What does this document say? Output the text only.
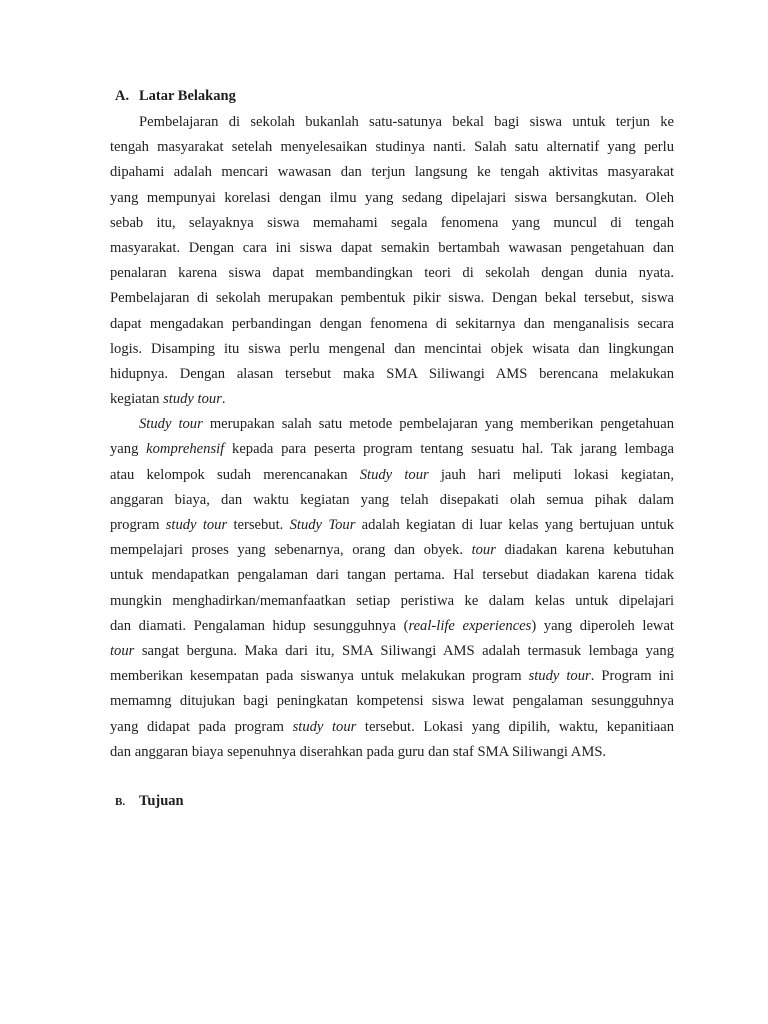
A. Latar Belakang
Pembelajaran di sekolah bukanlah satu-satunya bekal bagi siswa untuk terjun ke
tengah masyarakat setelah menyelesaikan studinya nanti. Salah satu alternatif yang perlu
dipahami adalah mencari wawasan dan terjun langsung ke tengah aktivitas masyarakat
yang mempunyai korelasi dengan ilmu yang sedang dipelajari siswa bersangkutan. Oleh
sebab itu, selayaknya siswa memahami segala fenomena yang muncul di tengah
masyarakat. Dengan cara ini siswa dapat semakin bertambah wawasan pengetahuan dan
penalaran karena siswa dapat membandingkan teori di sekolah dengan dunia nyata.
Pembelajaran di sekolah merupakan pembentuk pikir siswa. Dengan bekal tersebut, siswa
dapat mengadakan perbandingan dengan fenomena di sekitarnya dan menganalisis secara
logis. Disamping itu siswa perlu mengenal dan mencintai objek wisata dan lingkungan
hidupnya. Dengan alasan tersebut maka SMA Siliwangi AMS berencana melakukan
kegiatan study tour.
Study tour merupakan salah satu metode pembelajaran yang memberikan pengetahuan
yang komprehensif kepada para peserta program tentang sesuatu hal. Tak jarang lembaga
atau kelompok sudah merencanakan Study tour jauh hari meliputi lokasi kegiatan,
anggaran biaya, dan waktu kegiatan yang telah disepakati olah semua pihak dalam
program study tour tersebut. Study Tour adalah kegiatan di luar kelas yang bertujuan untuk
mempelajari proses yang sebenarnya, orang dan obyek. tour diadakan karena kebutuhan
untuk mendapatkan pengalaman dari tangan pertama. Hal tersebut diadakan karena tidak
mungkin menghadirkan/memanfaatkan setiap peristiwa ke dalam kelas untuk dipelajari
dan diamati. Pengalaman hidup sesungguhnya (real-life experiences) yang diperoleh lewat
tour sangat berguna. Maka dari itu, SMA Siliwangi AMS adalah termasuk lembaga yang
memberikan kesempatan pada siswanya untuk melakukan program study tour. Program ini
memamng ditujukan bagi peningkatan kompetensi siswa lewat pengalaman sesungguhnya
yang didapat pada program study tour tersebut. Lokasi yang dipilih, waktu, kepanitiaan
dan anggaran biaya sepenuhnya diserahkan pada guru dan staf SMA Siliwangi AMS.
B. Tujuan
